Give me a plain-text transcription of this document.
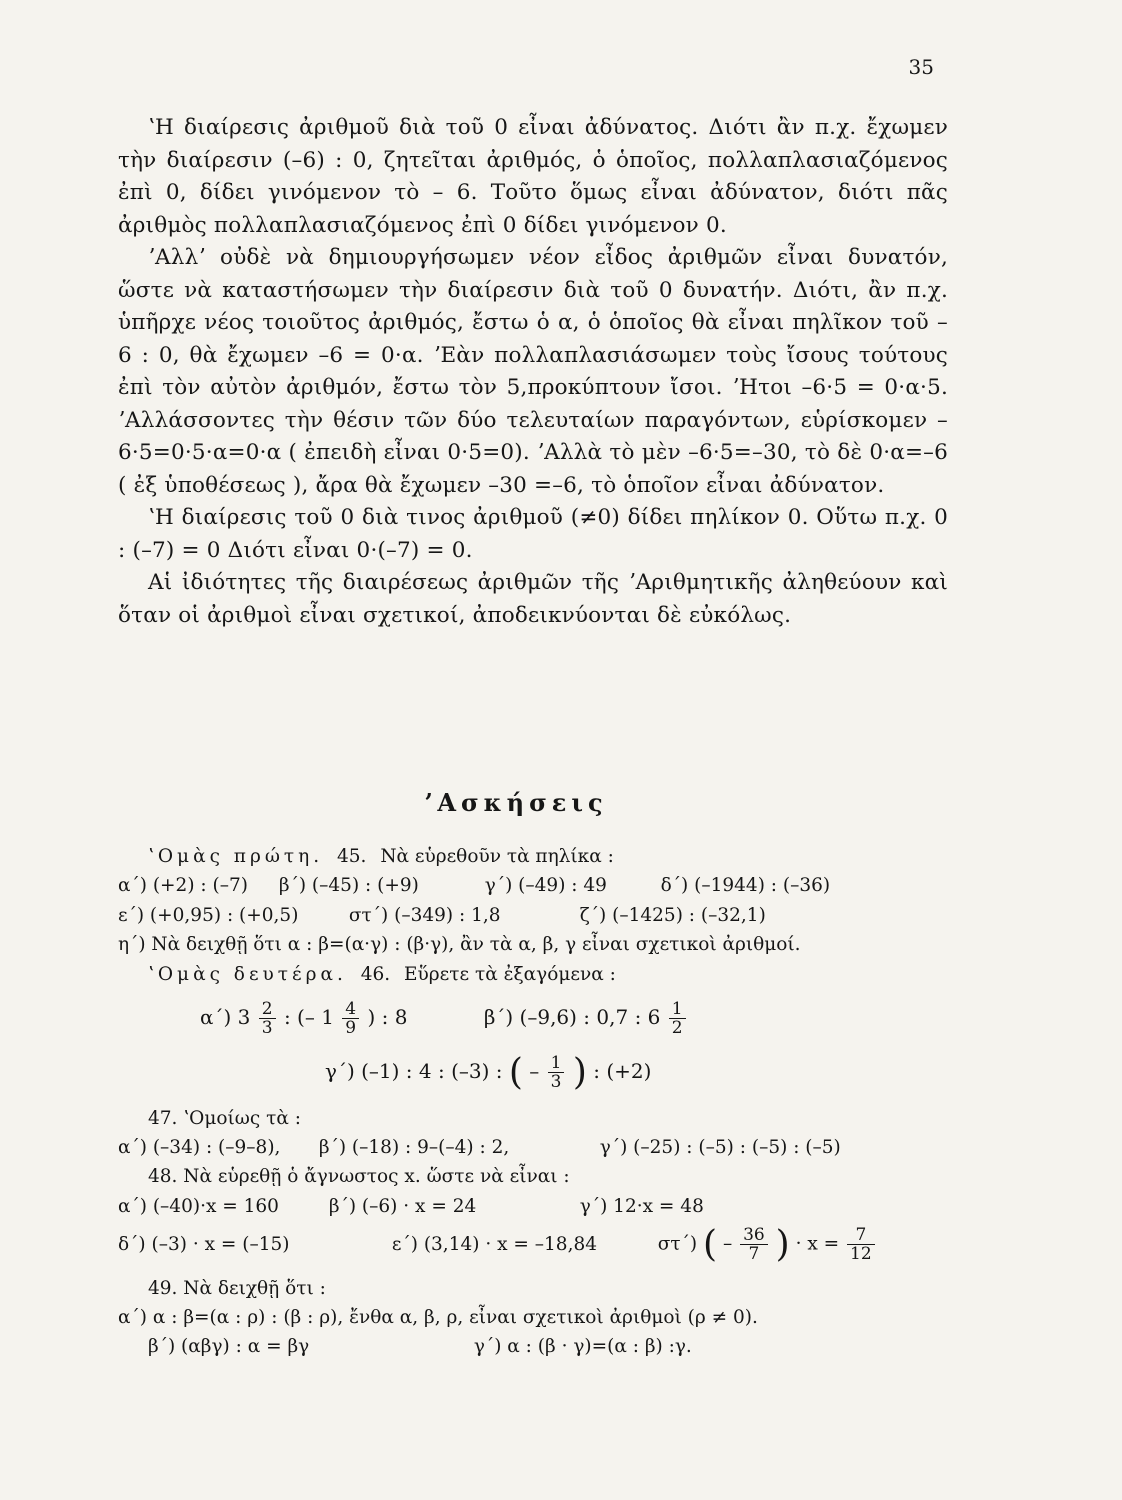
35

ʽΗ διαίρεσις ἀριθμοῦ διὰ τοῦ 0 εἶναι ἀδύνατος. Διότι ἂν π.χ. ἔχωμεν τὴν διαίρεσιν (–6) : 0, ζητεῖται ἀριθμός, ὁ ὁποῖος, πολλαπλασιαζόμενος ἐπὶ 0, δίδει γινόμενον τὸ – 6. Τοῦτο ὅμως εἶναι ἀδύνατον, διότι πᾶς ἀριθμὸς πολλαπλασιαζόμενος ἐπὶ 0 δίδει γινόμενον 0.

ʼΑλλʼ οὐδὲ νὰ δημιουργήσωμεν νέον εἶδος ἀριθμῶν εἶναι δυνατόν, ὥστε νὰ καταστήσωμεν τὴν διαίρεσιν διὰ τοῦ 0 δυνατήν. Διότι, ἂν π.χ. ὑπῆρχε νέος τοιοῦτος ἀριθμός, ἔστω ὁ α, ὁ ὁποῖος θὰ εἶναι πηλῖκον τοῦ –6 : 0, θὰ ἔχωμεν –6 = 0·α. ʼΕὰν πολλαπλασιάσωμεν τοὺς ἴσους τούτους ἐπὶ τὸν αὐτὸν ἀριθμόν, ἔστω τὸν 5,προκύπτουν ἴσοι. ʼΗτοι –6·5 = 0·α·5. ʼΑλλάσσοντες τὴν θέσιν τῶν δύο τελευταίων παραγόντων, εὑρίσκομεν –6·5=0·5·α=0·α ( ἐπειδὴ εἶναι 0·5=0). ʼΑλλὰ τὸ μὲν –6·5=–30, τὸ δὲ 0·α=–6 ( ἐξ ὑποθέσεως ), ἄρα θὰ ἔχωμεν –30 =–6, τὸ ὁποῖον εἶναι ἀδύνατον.

ʽΗ διαίρεσις τοῦ 0 διὰ τινος ἀριθμοῦ (≠0) δίδει πηλίκον 0. Οὕτω π.χ. 0 : (–7) = 0 Διότι εἶναι 0·(–7) = 0.

Αἱ ἰδιότητες τῆς διαιρέσεως ἀριθμῶν τῆς ʼΑριθμητικῆς ἀληθεύουν καὶ ὅταν οἱ ἀριθμοὶ εἶναι σχετικοί, ἀποδεικνύονται δὲ εὐκόλως.

ʼΑσκήσεις
ʽΟμὰς πρώτη. 45. Νὰ εὑρεθοῦν τὰ πηλίκα :
α΄) (+2) : (–7) β΄) (–45) : (+9)	γ΄) (–49) : 49	δ΄) (–1944) : (–36)
ε΄) (+0,95) : (+0,5)	στ΄) (–349) : 1,8	ζ΄) (–1425) : (–32,1)
η΄) Νὰ δειχθῇ ὅτι α : β=(α·γ) : (β·γ), ἂν τὰ α, β, γ εἶναι σχετικοὶ ἀριθμοί.
ʽΟμὰς δευτέρα. 46. Εὕρετε τὰ ἐξαγόμενα :
α΄) $3 \frac{2}{3}$ : (– $1 \frac{4}{9}$ ) : 8	β΄) (–9,6) : 0,7 : $6 \frac{1}{2}$
γ΄) (–1) : 4 : (–3) : ( – $\frac{1}{3}$ ) : (+2)
47. ʽΟμοίως τὰ :
α΄) (–34) : (–9–8), β΄) (–18) : 9–(–4) : 2,	γ΄) (–25) : (–5) : (–5) : (–5)
48. Νὰ εὑρεθῇ ὁ ἄγνωστος x. ὥστε νὰ εἶναι :
α΄) (–40)·x = 160	β΄) (–6) · x = 24	γ΄) 12·x = 48
δ΄) (–3) · x = (–15)	ε΄) (3,14) · x = –18,84	στ΄) ( – $\frac{36}{7}$ ) · $x = \frac{7}{12}$
49. Νὰ δειχθῇ ὅτι :
α΄) α : β=(α : ρ) : (β : ρ), ἔνθα α, β, ρ, εἶναι σχετικοὶ ἀριθμοὶ (ρ ≠ 0).
β΄) (αβγ) : α = βγ	γ΄) α : (β · γ)=(α : β) :γ.
